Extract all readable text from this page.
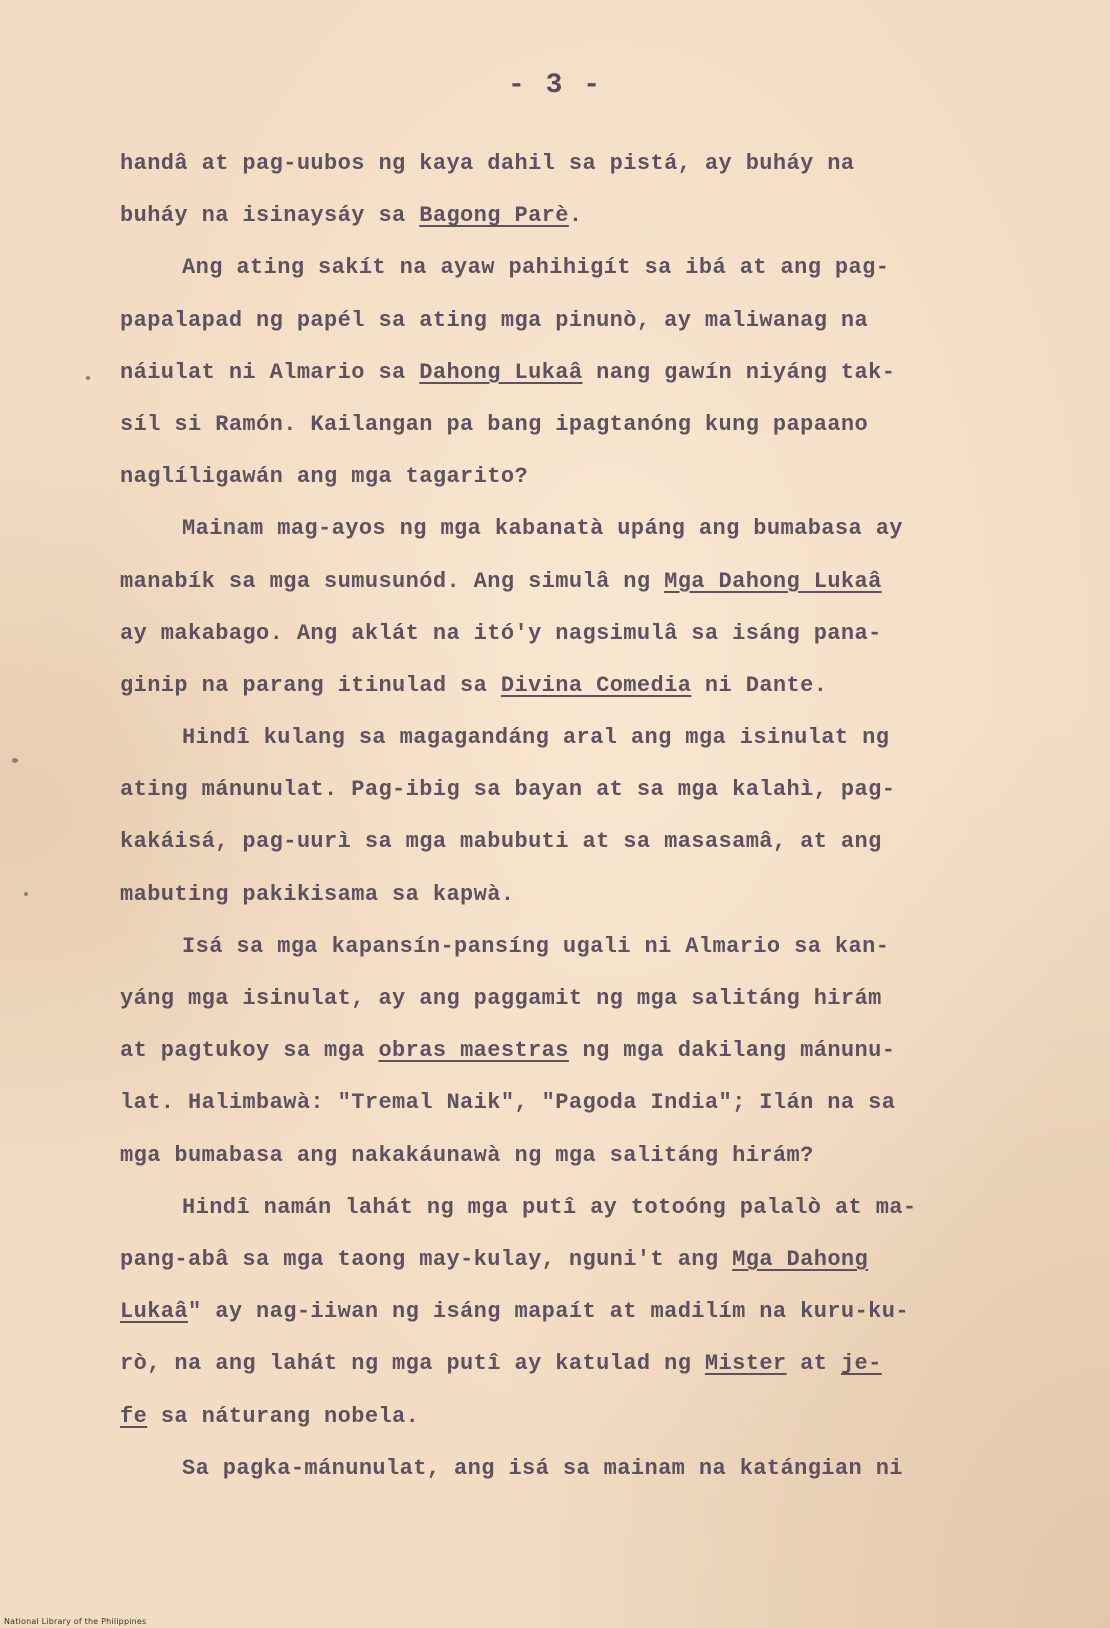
- 3 -
handâ at pag-uubos ng kaya dahil sa pistá, ay buháy na
buháy na isinaysáy sa Bagong Parè.
Ang ating sakít na ayaw pahihigít sa ibá at ang pag-
papalapad ng papél sa ating mga pinunò, ay maliwanag na
náiulat ni Almario sa Dahong Lukaâ nang gawín niyáng tak-
síl si Ramón. Kailangan pa bang ipagtanóng kung papaano
naglíligawán ang mga tagarito?
Mainam mag-ayos ng mga kabanatà upáng ang bumabasa ay
manabík sa mga sumusunód. Ang simulâ ng Mga Dahong Lukaâ
ay makabago. Ang aklát na itó'y nagsimulâ sa isáng pana-
ginip na parang itinulad sa Divina Comedia ni Dante.
Hindî kulang sa magagandáng aral ang mga isinulat ng
ating mánunulat. Pag-ibig sa bayan at sa mga kalahì, pag-
kakáisá, pag-uurì sa mga mabubuti at sa masasamâ, at ang
mabuting pakikisama sa kapwà.
Isá sa mga kapansín-pansíng ugali ni Almario sa kan-
yáng mga isinulat, ay ang paggamit ng mga salitáng hirám
at pagtukoy sa mga obras maestras ng mga dakilang mánunu-
lat. Halimbawà: "Tremal Naik", "Pagoda India"; Ilán na sa
mga bumabasa ang nakakáunawà ng mga salitáng hirám?
Hindî namán lahát ng mga putî ay totoóng palalò at ma-
pang-abâ sa mga taong may-kulay, nguni't ang Mga Dahong
Lukaâ" ay nag-iiwan ng isáng mapaít at madilím na kuru-ku-
rò, na ang lahát ng mga putî ay katulad ng Mister at je-
fe sa náturang nobela.
Sa pagka-mánunulat, ang isá sa mainam na katángian ni
National Library of the Philippines
